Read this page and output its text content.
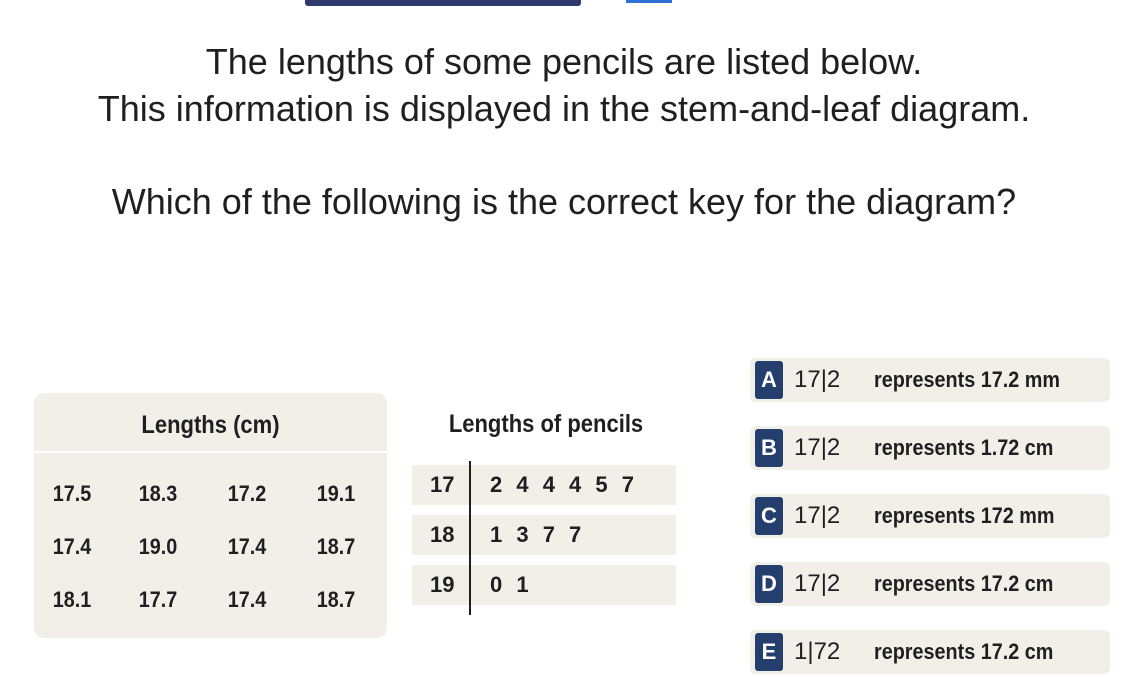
The lengths of some pencils are listed below.
This information is displayed in the stem-and-leaf diagram.
Which of the following is the correct key for the diagram?
Lengths (cm)
17.5	18.3	17.2	19.1
17.4	19.0	17.4	18.7
18.1	17.7	17.4	18.7
Lengths of pencils
17 2 4 4 4 5 7
18 1 3 7 7
19 0 1
A 17|2 represents 17.2 mm
B 17|2 represents 1.72 cm
C 17|2 represents 172 mm
D 17|2 represents 17.2 cm
E 1|72 represents 17.2 cm
